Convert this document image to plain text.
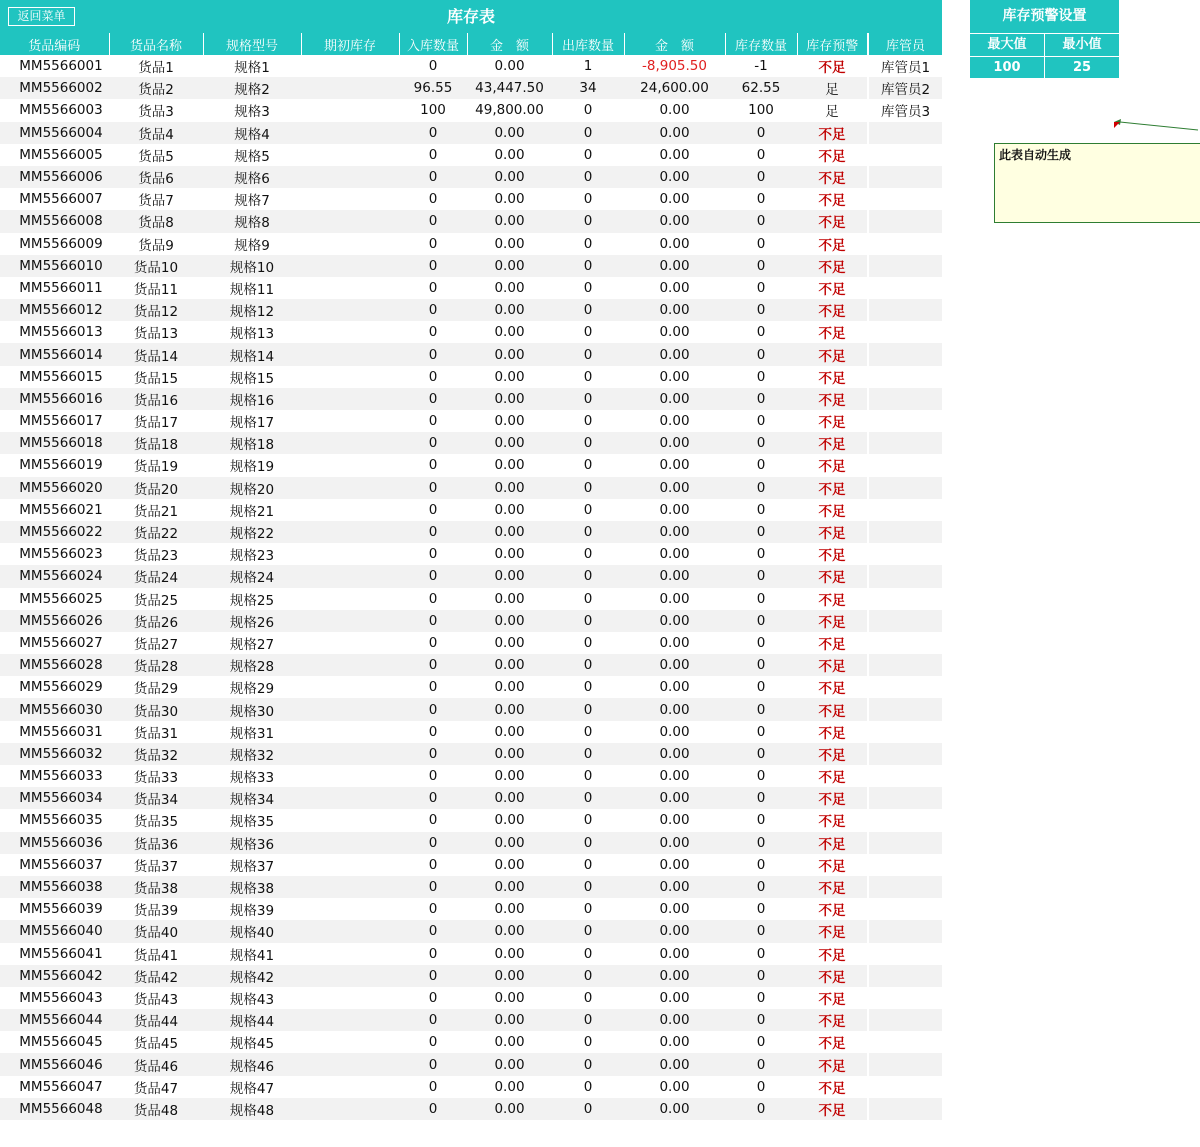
返回菜单	库存表
货品编码	货品名称	规格型号	期初库存	入库数量	金　额	出库数量	金　额	库存数量	库存预警		库管员
MM5566001	货品1	规格1		0	0.00	1	-8,905.50	-1	不足		库管员1
MM5566002	货品2	规格2		96.55	43,447.50	34	24,600.00	62.55	足		库管员2
MM5566003	货品3	规格3		100	49,800.00	0	0.00	100	足		库管员3
MM5566004	货品4	规格4		0	0.00	0	0.00	0	不足		
MM5566005	货品5	规格5		0	0.00	0	0.00	0	不足		
MM5566006	货品6	规格6		0	0.00	0	0.00	0	不足		
MM5566007	货品7	规格7		0	0.00	0	0.00	0	不足		
MM5566008	货品8	规格8		0	0.00	0	0.00	0	不足		
MM5566009	货品9	规格9		0	0.00	0	0.00	0	不足		
MM5566010	货品10	规格10		0	0.00	0	0.00	0	不足		
MM5566011	货品11	规格11		0	0.00	0	0.00	0	不足		
MM5566012	货品12	规格12		0	0.00	0	0.00	0	不足		
MM5566013	货品13	规格13		0	0.00	0	0.00	0	不足		
MM5566014	货品14	规格14		0	0.00	0	0.00	0	不足		
MM5566015	货品15	规格15		0	0.00	0	0.00	0	不足		
MM5566016	货品16	规格16		0	0.00	0	0.00	0	不足		
MM5566017	货品17	规格17		0	0.00	0	0.00	0	不足		
MM5566018	货品18	规格18		0	0.00	0	0.00	0	不足		
MM5566019	货品19	规格19		0	0.00	0	0.00	0	不足		
MM5566020	货品20	规格20		0	0.00	0	0.00	0	不足		
MM5566021	货品21	规格21		0	0.00	0	0.00	0	不足		
MM5566022	货品22	规格22		0	0.00	0	0.00	0	不足		
MM5566023	货品23	规格23		0	0.00	0	0.00	0	不足		
MM5566024	货品24	规格24		0	0.00	0	0.00	0	不足		
MM5566025	货品25	规格25		0	0.00	0	0.00	0	不足		
MM5566026	货品26	规格26		0	0.00	0	0.00	0	不足		
MM5566027	货品27	规格27		0	0.00	0	0.00	0	不足		
MM5566028	货品28	规格28		0	0.00	0	0.00	0	不足		
MM5566029	货品29	规格29		0	0.00	0	0.00	0	不足		
MM5566030	货品30	规格30		0	0.00	0	0.00	0	不足		
MM5566031	货品31	规格31		0	0.00	0	0.00	0	不足		
MM5566032	货品32	规格32		0	0.00	0	0.00	0	不足		
MM5566033	货品33	规格33		0	0.00	0	0.00	0	不足		
MM5566034	货品34	规格34		0	0.00	0	0.00	0	不足		
MM5566035	货品35	规格35		0	0.00	0	0.00	0	不足		
MM5566036	货品36	规格36		0	0.00	0	0.00	0	不足		
MM5566037	货品37	规格37		0	0.00	0	0.00	0	不足		
MM5566038	货品38	规格38		0	0.00	0	0.00	0	不足		
MM5566039	货品39	规格39		0	0.00	0	0.00	0	不足		
MM5566040	货品40	规格40		0	0.00	0	0.00	0	不足		
MM5566041	货品41	规格41		0	0.00	0	0.00	0	不足		
MM5566042	货品42	规格42		0	0.00	0	0.00	0	不足		
MM5566043	货品43	规格43		0	0.00	0	0.00	0	不足		
MM5566044	货品44	规格44		0	0.00	0	0.00	0	不足		
MM5566045	货品45	规格45		0	0.00	0	0.00	0	不足		
MM5566046	货品46	规格46		0	0.00	0	0.00	0	不足		
MM5566047	货品47	规格47		0	0.00	0	0.00	0	不足		
MM5566048	货品48	规格48		0	0.00	0	0.00	0	不足		
库存预警设置
最大值	最小值
100	25
此表自动生成
